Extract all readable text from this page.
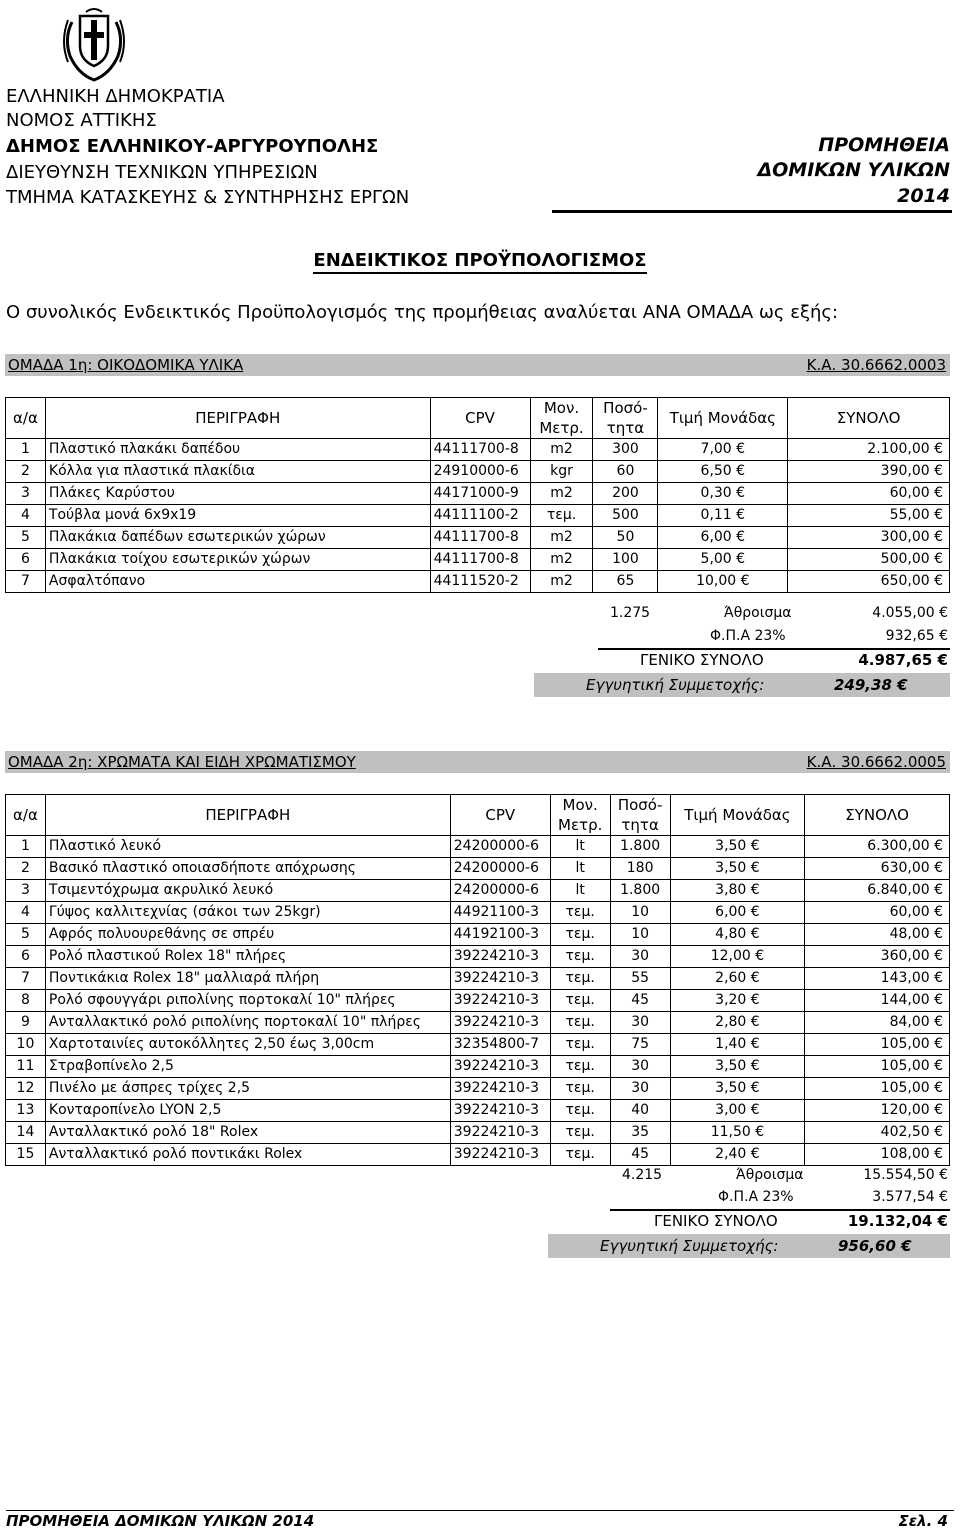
ΕΛΛΗΝΙΚΗ ΔΗΜΟΚΡΑΤΙΑ
ΝΟΜΟΣ ΑΤΤΙΚΗΣ
ΔΗΜΟΣ ΕΛΛΗΝΙΚΟΥ-ΑΡΓΥΡΟΥΠΟΛΗΣ
ΔΙΕΥΘΥΝΣΗ ΤΕΧΝΙΚΩΝ ΥΠΗΡΕΣΙΩΝ
ΤΜΗΜΑ ΚΑΤΑΣΚΕΥΗΣ & ΣΥΝΤΗΡΗΣΗΣ ΕΡΓΩΝ
ΠΡΟΜΗΘΕΙΑ
ΔΟΜΙΚΩΝ ΥΛΙΚΩΝ
2014
ΕΝΔΕΙΚΤΙΚΟΣ ΠΡΟΫΠΟΛΟΓΙΣΜΟΣ
Ο συνολικός Ενδεικτικός Προϋπολογισμός της προμήθειας αναλύεται ΑΝΑ ΟΜΑΔΑ ως εξής:
ΟΜΑΔΑ 1η: ΟΙΚΟΔΟΜΙΚΑ ΥΛΙΚΑ	Κ.Α. 30.6662.0003
α/α	ΠΕΡΙΓΡΑΦΗ	CPV	Μον.	Ποσό-	Τιμή Μονάδας	ΣΥΝΟΛΟ
			Μετρ.	τητα		
1	Πλαστικό πλακάκι δαπέδου	44111700-8	m2	300	7,00 €	2.100,00 €
2	Κόλλα για πλαστικά πλακίδια	24910000-6	kgr	60	6,50 €	390,00 €
3	Πλάκες Καρύστου	44171000-9	m2	200	0,30 €	60,00 €
4	Τούβλα μονά 6x9x19	44111100-2	τεμ.	500	0,11 €	55,00 €
5	Πλακάκια δαπέδων εσωτερικών χώρων	44111700-8	m2	50	6,00 €	300,00 €
6	Πλακάκια τοίχου εσωτερικών χώρων	44111700-8	m2	100	5,00 €	500,00 €
7	Ασφαλτόπανο	44111520-2	m2	65	10,00 €	650,00 €
1.275	Άθροισμα	4.055,00 €
Φ.Π.Α 23%	932,65 €
ΓΕΝΙΚΟ ΣΥΝΟΛΟ	4.987,65 €
Εγγυητική Συμμετοχής:	249,38 €
ΟΜΑΔΑ 2η: ΧΡΩΜΑΤΑ ΚΑΙ ΕΙΔΗ ΧΡΩΜΑΤΙΣΜΟΥ	Κ.Α. 30.6662.0005
α/α	ΠΕΡΙΓΡΑΦΗ	CPV	Μον.	Ποσό-	Τιμή Μονάδας	ΣΥΝΟΛΟ
			Μετρ.	τητα		
1	Πλαστικό λευκό	24200000-6	lt	1.800	3,50 €	6.300,00 €
2	Βασικό πλαστικό οποιασδήποτε απόχρωσης	24200000-6	lt	180	3,50 €	630,00 €
3	Τσιμεντόχρωμα ακρυλικό λευκό	24200000-6	lt	1.800	3,80 €	6.840,00 €
4	Γύψος καλλιτεχνίας (σάκοι των 25kgr)	44921100-3	τεμ.	10	6,00 €	60,00 €
5	Αφρός πολυουρεθάνης σε σπρέυ	44192100-3	τεμ.	10	4,80 €	48,00 €
6	Ρολό πλαστικού Rolex 18" πλήρες	39224210-3	τεμ.	30	12,00 €	360,00 €
7	Ποντικάκια Rolex 18" μαλλιαρά πλήρη	39224210-3	τεμ.	55	2,60 €	143,00 €
8	Ρολό σφουγγάρι ριπολίνης πορτοκαλί 10" πλήρες	39224210-3	τεμ.	45	3,20 €	144,00 €
9	Ανταλλακτικό ρολό ριπολίνης πορτοκαλί 10" πλήρες	39224210-3	τεμ.	30	2,80 €	84,00 €
10	Χαρτοταινίες αυτοκόλλητες 2,50 έως 3,00cm	32354800-7	τεμ.	75	1,40 €	105,00 €
11	Στραβοπίνελο 2,5	39224210-3	τεμ.	30	3,50 €	105,00 €
12	Πινέλο με άσπρες τρίχες 2,5	39224210-3	τεμ.	30	3,50 €	105,00 €
13	Κονταροπίνελο LYON 2,5	39224210-3	τεμ.	40	3,00 €	120,00 €
14	Ανταλλακτικό ρολό 18" Rolex	39224210-3	τεμ.	35	11,50 €	402,50 €
15	Ανταλλακτικό ρολό ποντικάκι Rolex	39224210-3	τεμ.	45	2,40 €	108,00 €
4.215	Άθροισμα	15.554,50 €
Φ.Π.Α 23%	3.577,54 €
ΓΕΝΙΚΟ ΣΥΝΟΛΟ	19.132,04 €
Εγγυητική Συμμετοχής:	956,60 €
ΠΡΟΜΗΘΕΙΑ ΔΟΜΙΚΩΝ ΥΛΙΚΩΝ 2014	Σελ. 4
